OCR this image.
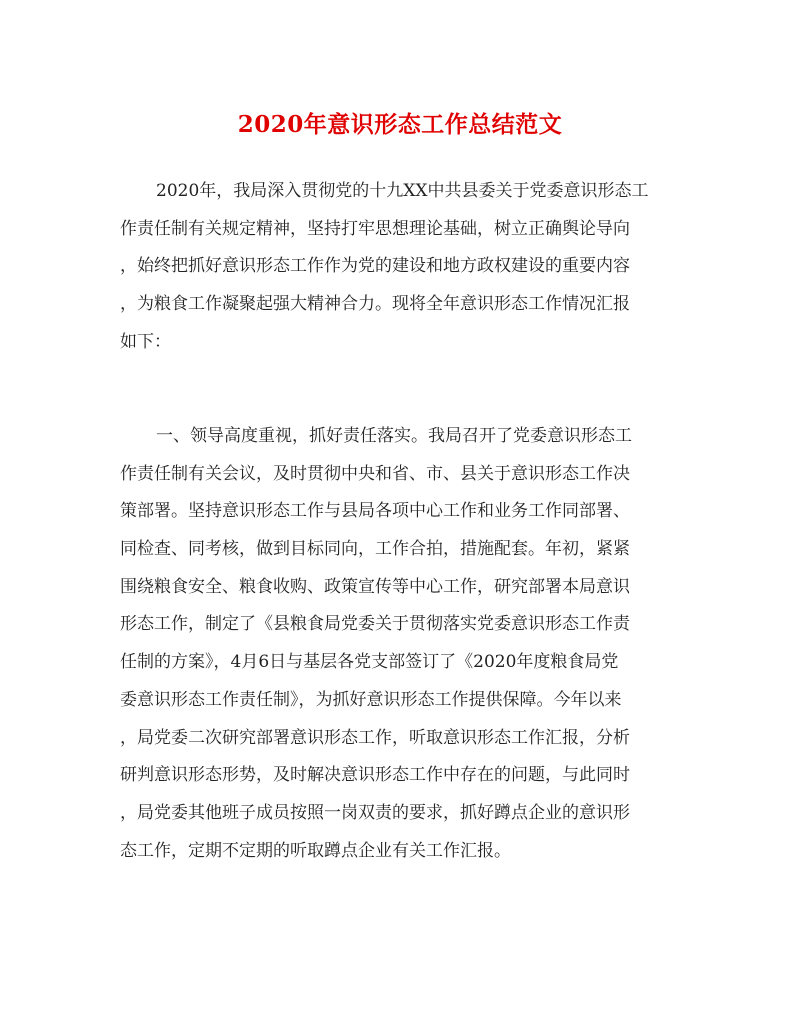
2020年意识形态工作总结范文

2020年，我局深入贯彻党的十九XX中共县委关于党委意识形态工
作责任制有关规定精神，坚持打牢思想理论基础，树立正确舆论导向
，始终把抓好意识形态工作作为党的建设和地方政权建设的重要内容
，为粮食工作凝聚起强大精神合力。现将全年意识形态工作情况汇报
如下：

一、领导高度重视，抓好责任落实。我局召开了党委意识形态工
作责任制有关会议，及时贯彻中央和省、市、县关于意识形态工作决
策部署。坚持意识形态工作与县局各项中心工作和业务工作同部署、
同检查、同考核，做到目标同向，工作合拍，措施配套。年初，紧紧
围绕粮食安全、粮食收购、政策宣传等中心工作，研究部署本局意识
形态工作，制定了《县粮食局党委关于贯彻落实党委意识形态工作责
任制的方案》，4月6日与基层各党支部签订了《2020年度粮食局党
委意识形态工作责任制》，为抓好意识形态工作提供保障。今年以来
，局党委二次研究部署意识形态工作，听取意识形态工作汇报，分析
研判意识形态形势，及时解决意识形态工作中存在的问题，与此同时
，局党委其他班子成员按照一岗双责的要求，抓好蹲点企业的意识形
态工作，定期不定期的听取蹲点企业有关工作汇报。
